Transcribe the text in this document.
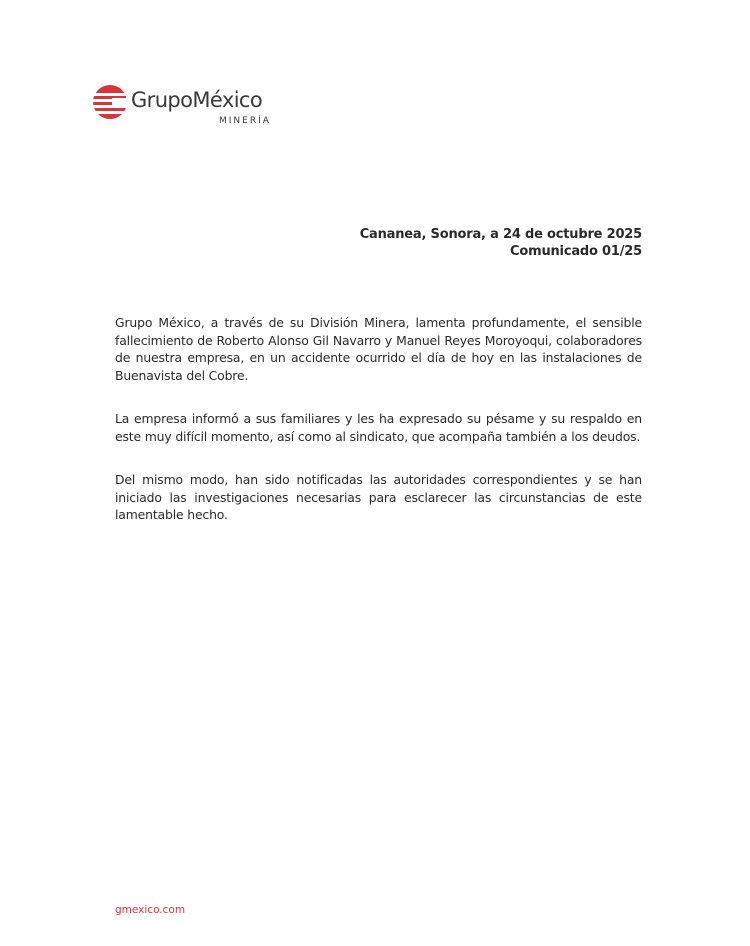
GrupoMéxico
MINERÍA
Cananea, Sonora, a 24 de octubre 2025
Comunicado 01/25

Grupo México, a través de su División Minera, lamenta profundamente, el sensible fallecimiento de Roberto Alonso Gil Navarro y Manuel Reyes Moroyoqui, colaboradores de nuestra empresa, en un accidente ocurrido el día de hoy en las instalaciones de Buenavista del Cobre.

La empresa informó a sus familiares y les ha expresado su pésame y su respaldo en este muy difícil momento, así como al sindicato, que acompaña también a los deudos.

Del mismo modo, han sido notificadas las autoridades correspondientes y se han iniciado las investigaciones necesarias para esclarecer las circunstancias de este lamentable hecho.

gmexico.com
